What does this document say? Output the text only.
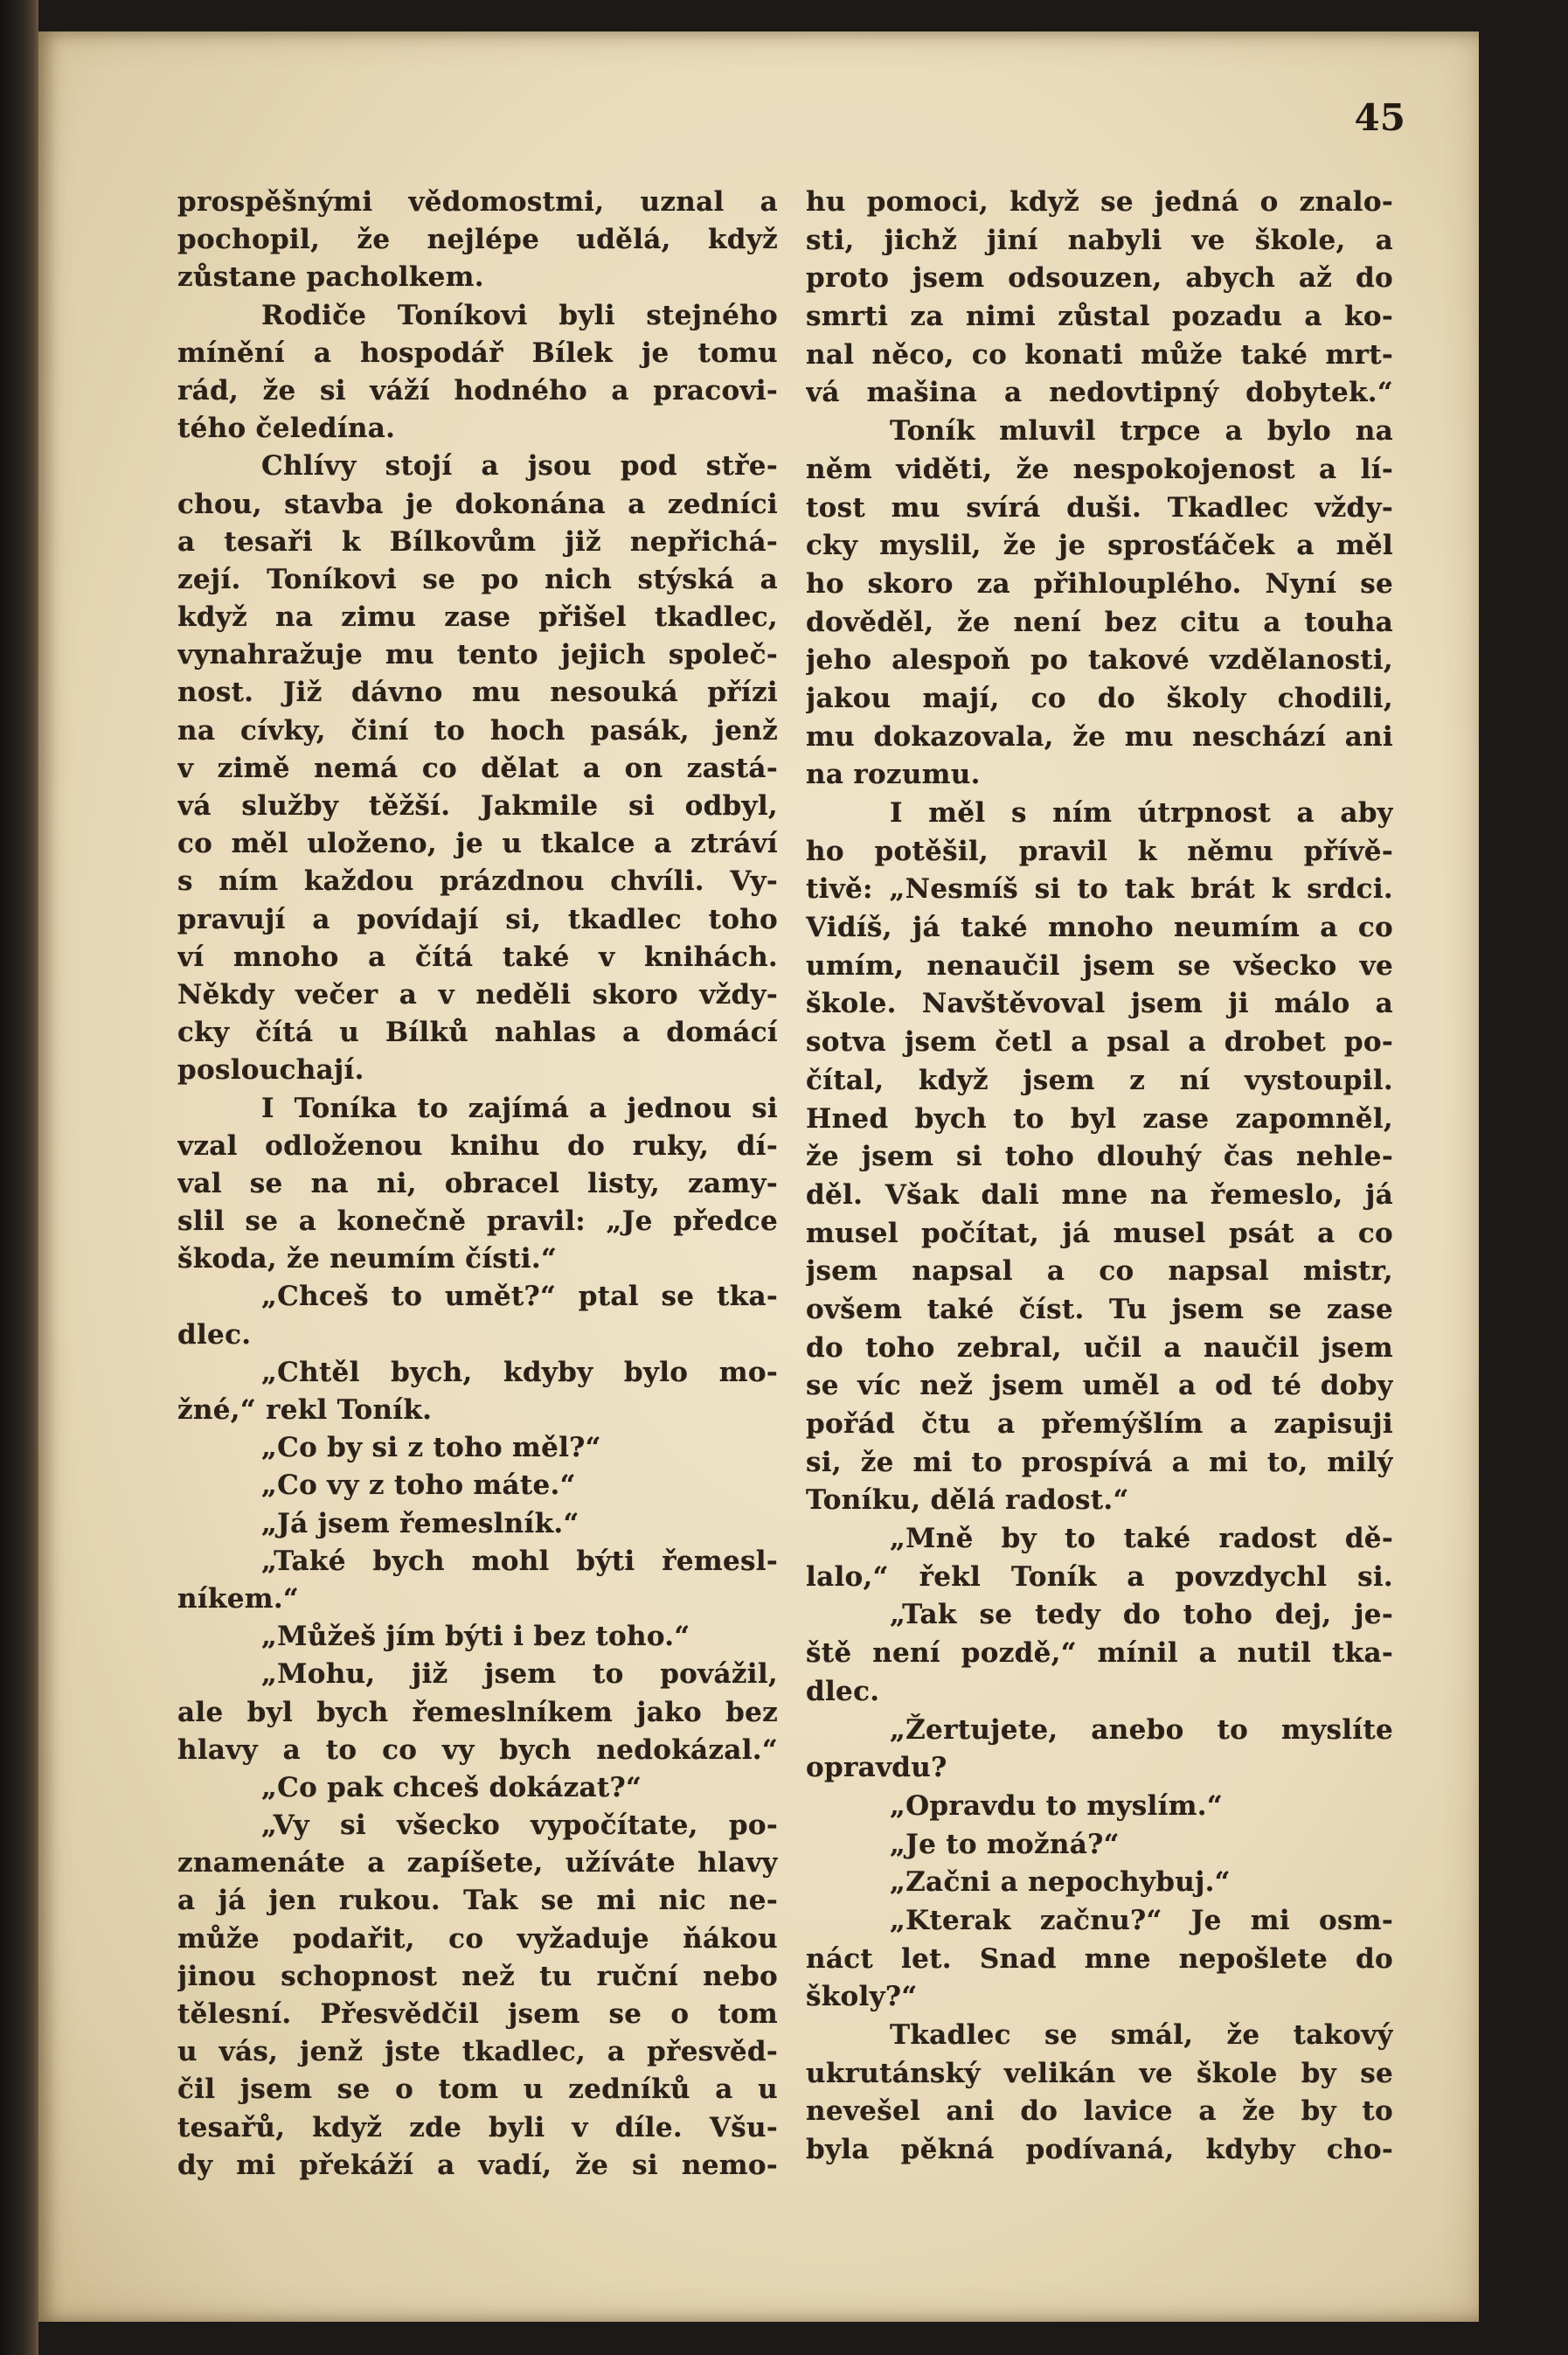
45
prospěšnými vědomostmi, uznal a
pochopil, že nejlépe udělá, když
zůstane pacholkem.
Rodiče Toníkovi byli stejného
mínění a hospodář Bílek je tomu
rád, že si váží hodného a pracovi-
tého čeledína.
Chlívy stojí a jsou pod stře-
chou, stavba je dokonána a zedníci
a tesaři k Bílkovům již nepřichá-
zejí. Toníkovi se po nich stýská a
když na zimu zase přišel tkadlec,
vynahražuje mu tento jejich společ-
nost. Již dávno mu nesouká přízi
na cívky, činí to hoch pasák, jenž
v zimě nemá co dělat a on zastá-
vá služby těžší. Jakmile si odbyl,
co měl uloženo, je u tkalce a ztráví
s ním každou prázdnou chvíli. Vy-
pravují a povídají si, tkadlec toho
ví mnoho a čítá také v knihách.
Někdy večer a v neděli skoro vždy-
cky čítá u Bílků nahlas a domácí
poslouchají.
I Toníka to zajímá a jednou si
vzal odloženou knihu do ruky, dí-
val se na ni, obracel listy, zamy-
slil se a konečně pravil: „Je předce
škoda, že neumím čísti.“
„Chceš to umět?“ ptal se tka-
dlec.
„Chtěl bych, kdyby bylo mo-
žné,“ rekl Toník.
„Co by si z toho měl?“
„Co vy z toho máte.“
„Já jsem řemeslník.“
„Také bych mohl býti řemesl-
níkem.“
„Můžeš jím býti i bez toho.“
„Mohu, již jsem to povážil,
ale byl bych řemeslníkem jako bez
hlavy a to co vy bych nedokázal.“
„Co pak chceš dokázat?“
„Vy si všecko vypočítate, po-
znamenáte a zapíšete, užíváte hlavy
a já jen rukou. Tak se mi nic ne-
může podařit, co vyžaduje ňákou
jinou schopnost než tu ruční nebo
tělesní. Přesvědčil jsem se o tom
u vás, jenž jste tkadlec, a přesvěd-
čil jsem se o tom u zedníků a u
tesařů, když zde byli v díle. Všu-
dy mi překáží a vadí, že si nemo-
hu pomoci, když se jedná o znalo-
sti, jichž jiní nabyli ve škole, a
proto jsem odsouzen, abych až do
smrti za nimi zůstal pozadu a ko-
nal něco, co konati může také mrt-
vá mašina a nedovtipný dobytek.“
Toník mluvil trpce a bylo na
něm viděti, že nespokojenost a lí-
tost mu svírá duši. Tkadlec vždy-
cky myslil, že je sprosťáček a měl
ho skoro za přihlouplého. Nyní se
dověděl, že není bez citu a touha
jeho alespoň po takové vzdělanosti,
jakou mají, co do školy chodili,
mu dokazovala, že mu neschází ani
na rozumu.
I měl s ním útrpnost a aby
ho potěšil, pravil k němu přívě-
tivě: „Nesmíš si to tak brát k srdci.
Vidíš, já také mnoho neumím a co
umím, nenaučil jsem se všecko ve
škole. Navštěvoval jsem ji málo a
sotva jsem četl a psal a drobet po-
čítal, když jsem z ní vystoupil.
Hned bych to byl zase zapomněl,
že jsem si toho dlouhý čas nehle-
děl. Však dali mne na řemeslo, já
musel počítat, já musel psát a co
jsem napsal a co napsal mistr,
ovšem také číst. Tu jsem se zase
do toho zebral, učil a naučil jsem
se víc než jsem uměl a od té doby
pořád čtu a přemýšlím a zapisuji
si, že mi to prospívá a mi to, milý
Toníku, dělá radost.“
„Mně by to také radost dě-
lalo,“ řekl Toník a povzdychl si.
„Tak se tedy do toho dej, je-
ště není pozdě,“ mínil a nutil tka-
dlec.
„Žertujete, anebo to myslíte
opravdu?
„Opravdu to myslím.“
„Je to možná?“
„Začni a nepochybuj.“
„Kterak začnu?“ Je mi osm-
náct let. Snad mne nepošlete do
školy?“
Tkadlec se smál, že takový
ukrutánský velikán ve škole by se
nevešel ani do lavice a že by to
byla pěkná podívaná, kdyby cho-
